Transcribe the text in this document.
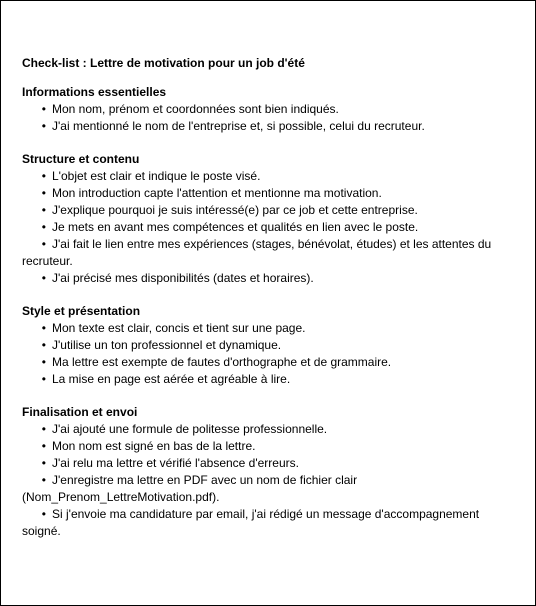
Check-list : Lettre de motivation pour un job d'été
Informations essentielles
• Mon nom, prénom et coordonnées sont bien indiqués.
• J'ai mentionné le nom de l'entreprise et, si possible, celui du recruteur.
Structure et contenu
• L'objet est clair et indique le poste visé.
• Mon introduction capte l'attention et mentionne ma motivation.
• J'explique pourquoi je suis intéressé(e) par ce job et cette entreprise.
• Je mets en avant mes compétences et qualités en lien avec le poste.
• J'ai fait le lien entre mes expériences (stages, bénévolat, études) et les attentes du recruteur.
• J'ai précisé mes disponibilités (dates et horaires).
Style et présentation
• Mon texte est clair, concis et tient sur une page.
• J'utilise un ton professionnel et dynamique.
• Ma lettre est exempte de fautes d'orthographe et de grammaire.
• La mise en page est aérée et agréable à lire.
Finalisation et envoi
• J'ai ajouté une formule de politesse professionnelle.
• Mon nom est signé en bas de la lettre.
• J'ai relu ma lettre et vérifié l'absence d'erreurs.
• J'enregistre ma lettre en PDF avec un nom de fichier clair (Nom_Prenom_LettreMotivation.pdf).
• Si j'envoie ma candidature par email, j'ai rédigé un message d'accompagnement soigné.
